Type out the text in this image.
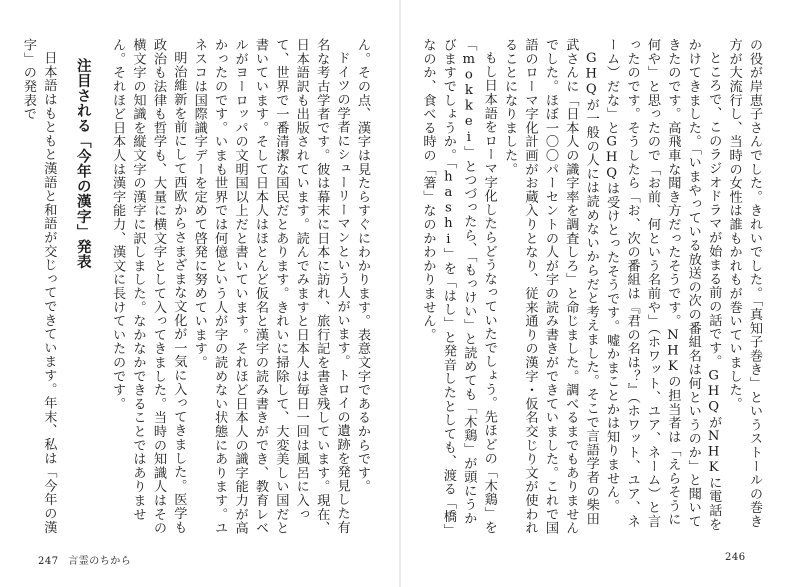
の役が岸恵子さんでした。きれいでした。「真知子巻き」というストールの巻き方が大流行し、当時の女性は誰もかれもが巻いていました。

ところで、このラジオドラマが始まる前の話です。GHQがNHKに電話をかけてきました。「いまやっている放送の次の番組名は何というのか」と聞いてきたのです。高飛車な聞き方だったそうです。NHKの担当者は「えらそうに何や」と思ったので「お前、何という名前や」（ホワット、ユア、ネーム）と言ったのです。そうしたら「お、次の番組は『君の名は？』（ホワット、ユア、ネーム）だな」とGHQは受けとったそうです。嘘かまことかは知りません。

GHQが一般の人には読めないからだと考えました。そこで言語学者の柴田武さんに「日本人の識字率を調査しろ」と命じました。調べるまでもありませんでした。ほぼ一〇〇パーセントの人が字の読み書きができていました。これで国語のローマ字化計画がお蔵入りとなり、従来通りの漢字・仮名交じり文が使われることになりました。

もし日本語をローマ字化したらどうなっていたでしょう。先ほどの「木鶏」を「mokkei」とつづったら、「もっけい」と読めても「木鶏」が頭にうかびますでしょうか。「hashi」を「はし」と発音したとしても、渡る「橋」なのか、食べる時の「箸」なのかわかりません。

ん。その点、漢字は見たらすぐにわかります。表意文字であるからです。

ドイツの学者にシューリーマンという人がいます。トロイの遺跡を発見した有名な考古学者です。彼は幕末に日本に訪れ、旅行記を書き残しています。現在、日本語訳も出版されています。読んでみますと日本人は毎日一回は風呂に入って、世界で一番清潔な国民だとあります。きれいに掃除して、大変美しい国だと書いています。そして日本人はほとんど仮名と漢字の読み書きができ、教育レベルがヨーロッパの文明国以上だと書いています。それほど日本人の識字能力が高かったのです。いまも世界では何億という人が字の読めない状態にあります。ユネスコは国際識字デーを定めて啓発に努めています。

明治維新を前にして西欧からさまざまな文化が一気に入ってきました。医学も政治も法律も哲学も、大量に横文字として入ってきました。当時の知識人はその横文字の知識を縦文字の漢字に訳しました。なかなかできることではありません。それほど日本人は漢字能力、漢文に長けていたのです。

注目される「今年の漢字」発表

日本語はもともと漢語と和語が交じってできています。年末、私は「今年の漢字」の発表で

247 言霊のちから	246
